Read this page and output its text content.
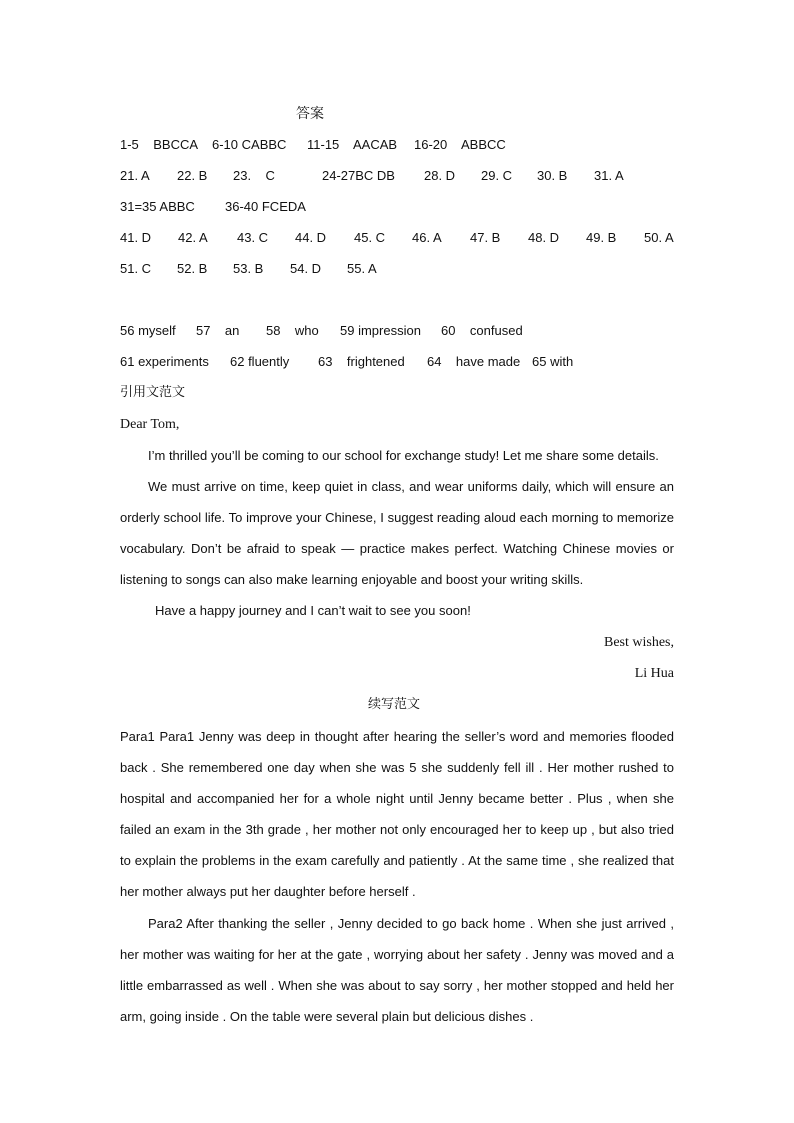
答案
1-5    BBCCA 6-10 CABBC 11-15    AACAB 16-20    ABBCC
21. A 22. B 23.    C	24-27BC DB 28. D 29. C 30. B 31. A
31=35 ABBC 36-40 FCEDA
41. D 42. A 43. C 44. D 45. C 46. A 47. B 48. D 49. B 50. A
51. C 52. B 53. B 54. D 55. A
56 myself 57    an 58    who 59 impression 60    confused
61 experiments 62 fluently 63    frightened 64    have made 65 with
引用文范文
Dear Tom,
I’m thrilled you’ll be coming to our school for exchange study! Let me share some details.
We must arrive on time, keep quiet in class, and wear uniforms daily, which will ensure an orderly school life. To improve your Chinese, I suggest reading aloud each morning to memorize vocabulary. Don’t be afraid to speak — practice makes perfect. Watching Chinese movies or listening to songs can also make learning enjoyable and boost your writing skills.
Have a happy journey and I can’t wait to see you soon!
Best wishes,
Li Hua
续写范文
Para1 Para1 Jenny was deep in thought after hearing the seller’s word and memories flooded back . She remembered one day when she was 5 she suddenly fell ill . Her mother rushed to hospital and accompanied her for a whole night until Jenny became better . Plus , when she failed an exam in the 3th grade , her mother not only encouraged her to keep up , but also tried to explain the problems in the exam carefully and patiently . At the same time , she realized that her mother always put her daughter before herself .
Para2 After thanking the seller , Jenny decided to go back home . When she just arrived , her mother was waiting for her at the gate , worrying about her safety . Jenny was moved and a little embarrassed as well . When she was about to say sorry , her mother stopped and held her arm, going inside . On the table were several plain but delicious dishes .
